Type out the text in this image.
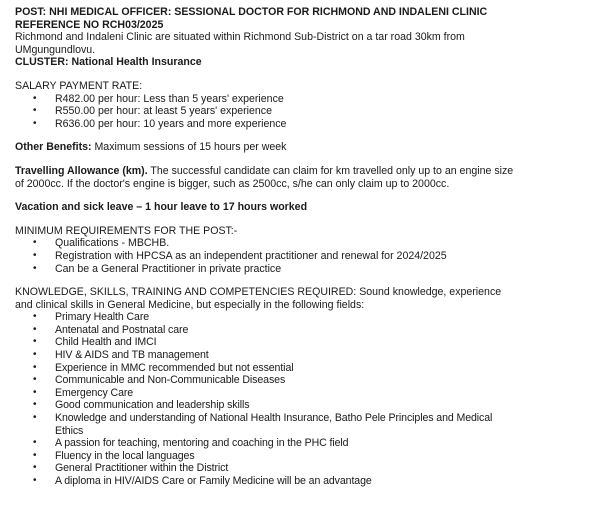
POST: NHI MEDICAL OFFICER: SESSIONAL DOCTOR FOR RICHMOND AND INDALENI CLINIC

REFERENCE NO RCH03/2025

Richmond and Indaleni Clinic are situated within Richmond Sub-District on a tar road 30km from

UMgungundlovu.

CLUSTER: National Health Insurance

SALARY PAYMENT RATE:

• R482.00 per hour: Less than 5 years' experience
• R550.00 per hour: at least 5 years' experience
• R636.00 per hour: 10 years and more experience

Other Benefits: Maximum sessions of 15 hours per week

Travelling Allowance (km). The successful candidate can claim for km travelled only up to an engine size

of 2000cc. If the doctor's engine is bigger, such as 2500cc, s/he can only claim up to 2000cc.

Vacation and sick leave – 1 hour leave to 17 hours worked

MINIMUM REQUIREMENTS FOR THE POST:-

• Qualifications - MBCHB.
• Registration with HPCSA as an independent practitioner and renewal for 2024/2025
• Can be a General Practitioner in private practice

KNOWLEDGE, SKILLS, TRAINING AND COMPETENCIES REQUIRED: Sound knowledge, experience

and clinical skills in General Medicine, but especially in the following fields:

• Primary Health Care
• Antenatal and Postnatal care
• Child Health and IMCI
• HIV & AIDS and TB management
• Experience in MMC recommended but not essential
• Communicable and Non-Communicable Diseases
• Emergency Care
• Good communication and leadership skills
• Knowledge and understanding of National Health Insurance, Batho Pele Principles and Medical
Ethics
• A passion for teaching, mentoring and coaching in the PHC field
• Fluency in the local languages
• General Practitioner within the District
• A diploma in HIV/AIDS Care or Family Medicine will be an advantage
